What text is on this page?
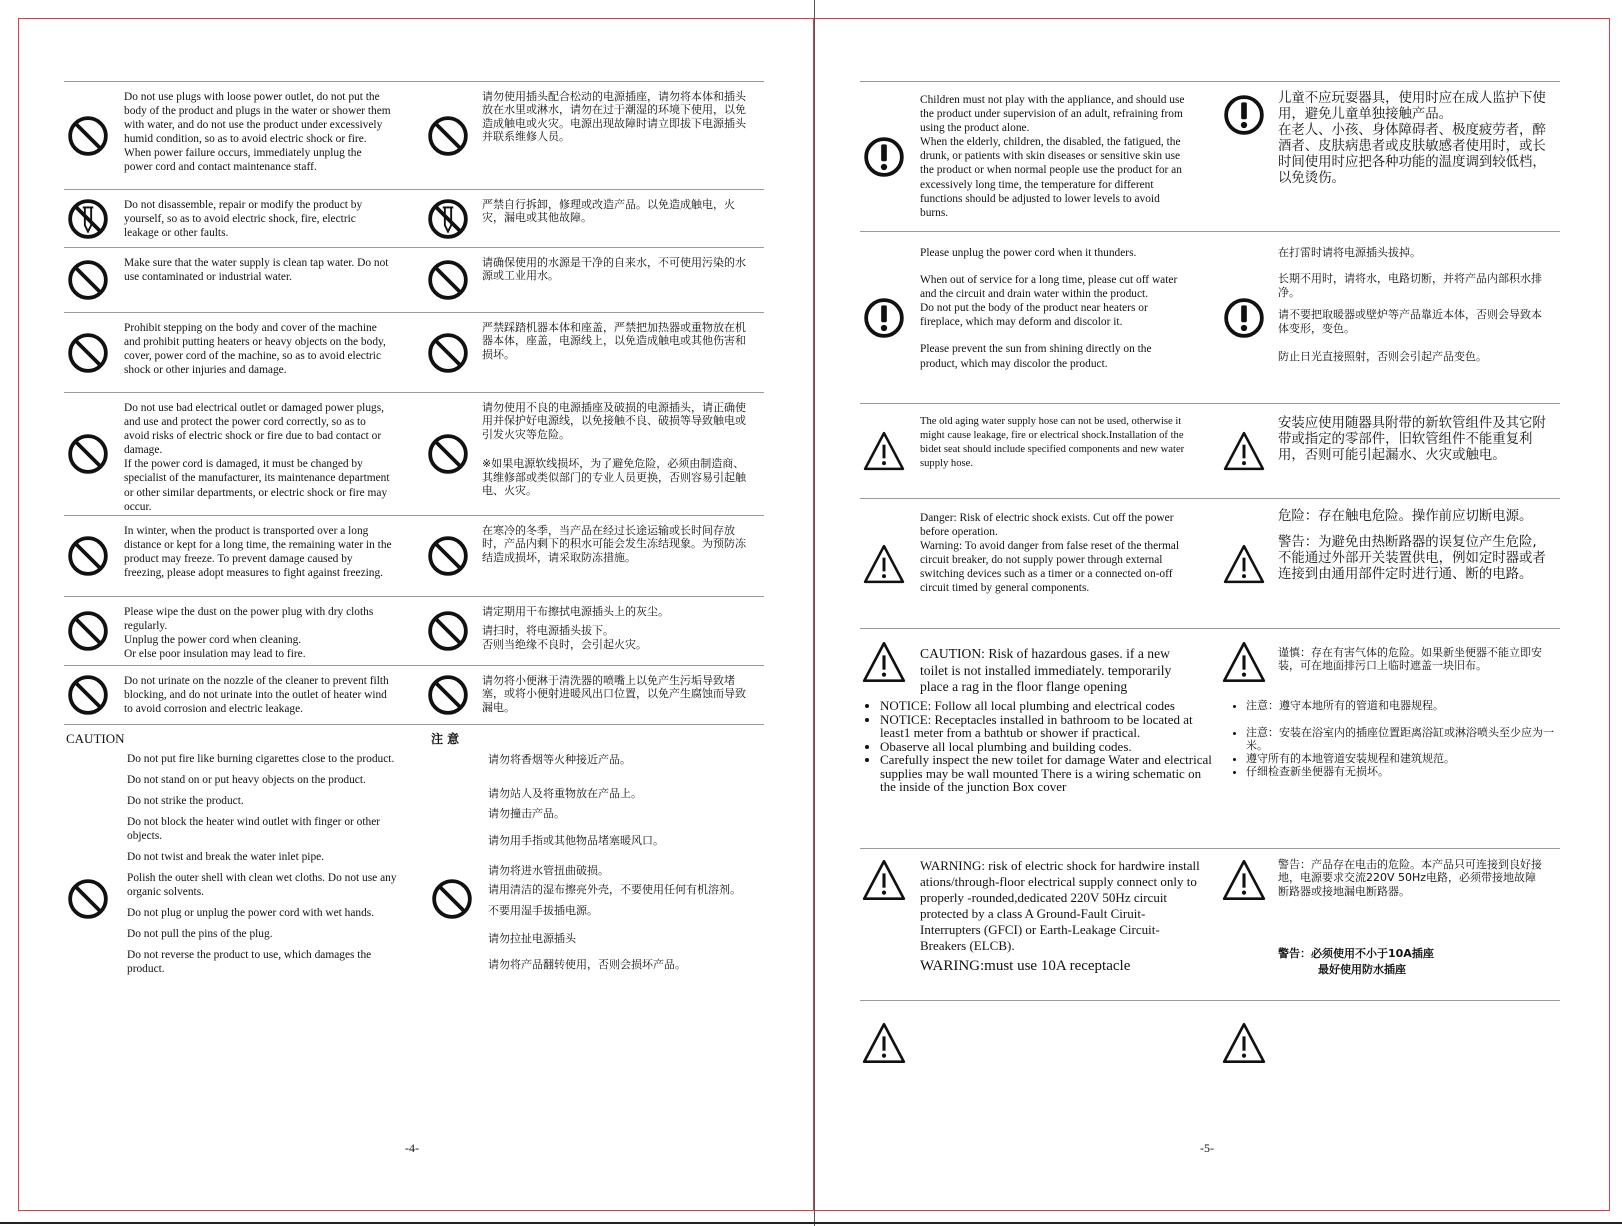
Do not use plugs with loose power outlet, do not put the body of the product and plugs in the water or shower them with water, and do not use the product under excessively humid condition, so as to avoid electric shock or fire. When power failure occurs, immediately unplug the power cord and contact maintenance staff.

请勿使用插头配合松动的电源插座，请勿将本体和插头放在水里或淋水，请勿在过于潮湿的环境下使用，以免造成触电或火灾。电源出现故障时请立即拔下电源插头并联系维修人员。

Do not disassemble, repair or modify the product by yourself, so as to avoid electric shock, fire, electric leakage or other faults.

严禁自行拆卸，修理或改造产品。以免造成触电，火灾，漏电或其他故障。

Make sure that the water supply is clean tap water. Do not use contaminated or industrial water.

请确保使用的水源是干净的自来水，不可使用污染的水源或工业用水。

Prohibit stepping on the body and cover of the machine and prohibit putting heaters or heavy objects on the body, cover, power cord of the machine, so as to avoid electric shock or other injuries and damage.

严禁踩踏机器本体和座盖，严禁把加热器或重物放在机器本体，座盖，电源线上，以免造成触电或其他伤害和损坏。

Do not use bad electrical outlet or damaged power plugs, and use and protect the power cord correctly, so as to avoid risks of electric shock or fire due to bad contact or damage.

If the power cord is damaged, it must be changed by specialist of the manufacturer, its maintenance department or other similar departments, or electric shock or fire may occur.

请勿使用不良的电源插座及破损的电源插头，请正确使用并保护好电源线，以免接触不良、破损等导致触电或引发火灾等危险。

※如果电源软线损坏，为了避免危险，必须由制造商、其维修部或类似部门的专业人员更换，否则容易引起触电、火灾。

In winter, when the product is transported over a long distance or kept for a long time, the remaining water in the product may freeze. To prevent damage caused by freezing, please adopt measures to fight against freezing.

在寒冷的冬季，当产品在经过长途运输或长时间存放时，产品内剩下的积水可能会发生冻结现象。为预防冻结造成损坏，请采取防冻措施。

Please wipe the dust on the power plug with dry cloths regularly.

Unplug the power cord when cleaning.

Or else poor insulation may lead to fire.

请定期用干布擦拭电源插头上的灰尘。

请扫时，将电源插头拔下。

否则当绝缘不良时，会引起火灾。

Do not urinate on the nozzle of the cleaner to prevent filth blocking, and do not urinate into the outlet of heater wind to avoid corrosion and electric leakage.

请勿将小便淋于清洗器的喷嘴上以免产生污垢导致堵塞，或将小便射进暖风出口位置，以免产生腐蚀而导致漏电。

CAUTION	注 意

Do not put fire like burning cigarettes close to the product.

Do not stand on or put heavy objects on the product.

Do not strike the product.

Do not block the heater wind outlet with finger or other objects.

Do not twist and break the water inlet pipe.

Polish the outer shell with clean wet cloths. Do not use any organic solvents.

Do not plug or unplug the power cord with wet hands.

Do not pull the pins of the plug.

Do not reverse the product to use, which damages the product.

请勿将香烟等火种接近产品。

请勿站人及将重物放在产品上。

请勿撞击产品。

请勿用手指或其他物品堵塞暖风口。

请勿将进水管扭曲破损。

请用清洁的湿布擦亮外壳，不要使用任何有机溶剂。

不要用湿手拔插电源。

请勿拉扯电源插头

请勿将产品翻转使用，否则会损坏产品。

-4-

Children must not play with the appliance, and should use the product under supervision of an adult, refraining from using the product alone.

When the elderly, children, the disabled, the fatigued, the drunk, or patients with skin diseases or sensitive skin use the product or when normal people use the product for an excessively long time, the temperature for different functions should be adjusted to lower levels to avoid burns.

儿童不应玩耍器具，使用时应在成人监护下使用，避免儿童单独接触产品。

在老人、小孩、身体障碍者、极度疲劳者，醉酒者、皮肤病患者或皮肤敏感者使用时，或长时间使用时应把各种功能的温度调到较低档，以免烫伤。

Please unplug the power cord when it thunders.

When out of service for a long time, please cut off water and the circuit and drain water within the product.

Do not put the body of the product near heaters or fireplace, which may deform and discolor it.

Please prevent the sun from shining directly on the product, which may discolor the product.

在打雷时请将电源插头拔掉。

长期不用时，请将水，电路切断，并将产品内部积水排净。

请不要把取暖器或壁炉等产品靠近本体，否则会导致本体变形，变色。

防止日光直接照射，否则会引起产品变色。

The old aging water supply hose can not be used, otherwise it might cause leakage, fire or electrical shock.Installation of the bidet seat should include specified components and new water supply hose.

安装应使用随器具附带的新软管组件及其它附带或指定的零部件，旧软管组件不能重复利用，否则可能引起漏水、火灾或触电。

Danger: Risk of electric shock exists. Cut off the power before operation.

Warning: To avoid danger from false reset of the thermal circuit breaker, do not supply power through external switching devices such as a timer or a connected on-off circuit timed by general components.

危险：存在触电危险。操作前应切断电源。

警告：为避免由热断路器的误复位产生危险,不能通过外部开关装置供电，例如定时器或者连接到由通用部件定时进行通、断的电路。

CAUTION: Risk of hazardous gases. if a new toilet is not installed immediately. temporarily place a rag in the floor flange opening

谨慎：存在有害气体的危险。如果新坐便器不能立即安装，可在地面排污口上临时遮盖一块旧布。

• NOTICE: Follow all local plumbing and electrical codes
• NOTICE: Receptacles installed in bathroom to be located at least1 meter from a bathtub or shower if practical.
• Obaserve all local plumbing and building codes.
• Carefully inspect the new toilet for damage Water and electrical supplies may be wall mounted There is a wiring schematic on the inside of the junction Box cover
• 注意：遵守本地所有的管道和电器规程。
• 注意：安装在浴室内的插座位置距离浴缸或淋浴喷头至少应为一米。
• 遵守所有的本地管道安装规程和建筑规范。
• 仔细检查新坐便器有无损坏。

WARNING: risk of electric shock for hardwire install ations/through-floor electrical supply connect only to properly -rounded,dedicated 220V 50Hz circuit protected by a class A Ground-Fault Ciruit-Interrupters (GFCI) or Earth-Leakage Circuit-Breakers (ELCB).

WARING:must use 10A receptacle

警告：产品存在电击的危险。本产品只可连接到良好接地，电源要求交流220V 50Hz电路，必须带接地故障断路器或接地漏电断路器。

警告：必须使用不小于10A插座

最好使用防水插座

-5-
